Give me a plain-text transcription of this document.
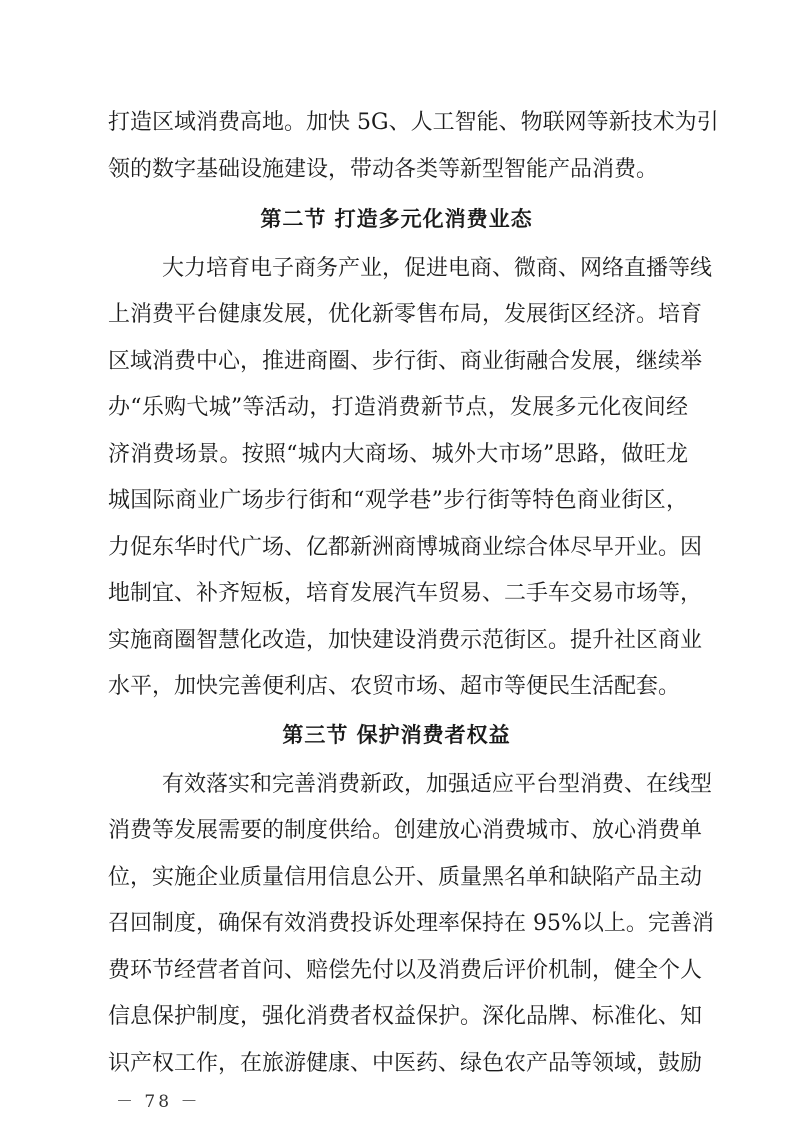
打造区域消费高地。加快 5G、人工智能、物联网等新技术为引
领的数字基础设施建设，带动各类等新型智能产品消费。
第二节 打造多元化消费业态
大力培育电子商务产业，促进电商、微商、网络直播等线
上消费平台健康发展，优化新零售布局，发展街区经济。培育
区域消费中心，推进商圈、步行街、商业街融合发展，继续举
办“乐购弋城”等活动，打造消费新节点，发展多元化夜间经
济消费场景。按照“城内大商场、城外大市场”思路，做旺龙
城国际商业广场步行街和“观学巷”步行街等特色商业街区，
力促东华时代广场、亿都新洲商博城商业综合体尽早开业。因
地制宜、补齐短板，培育发展汽车贸易、二手车交易市场等，
实施商圈智慧化改造，加快建设消费示范街区。提升社区商业
水平，加快完善便利店、农贸市场、超市等便民生活配套。
第三节 保护消费者权益
有效落实和完善消费新政，加强适应平台型消费、在线型
消费等发展需要的制度供给。创建放心消费城市、放心消费单
位，实施企业质量信用信息公开、质量黑名单和缺陷产品主动
召回制度，确保有效消费投诉处理率保持在 95%以上。完善消
费环节经营者首问、赔偿先付以及消费后评价机制，健全个人
信息保护制度，强化消费者权益保护。深化品牌、标准化、知
识产权工作，在旅游健康、中医药、绿色农产品等领域，鼓励
－ 78 －
